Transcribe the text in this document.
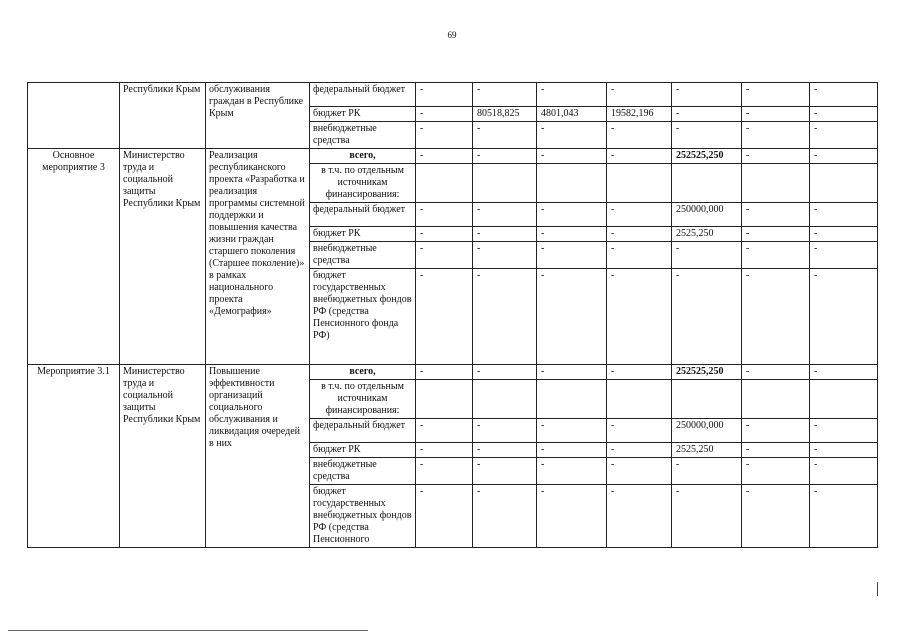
69
	Республики Крым	обслуживания граждан в Республике Крым	федеральный бюджет	-	-	-	-	-	-	-
			бюджет РК	-	80518,825	4801,043	19582,196	-	-	-
			внебюджетные средства	-	-	-	-	-	-	-
Основное мероприятие 3	Министерство труда и социальной защиты Республики Крым	Реализация республиканского проекта «Разработка и реализация программы системной поддержки и повышения качества жизни граждан старшего поколения (Старшее поколение)» в рамках национального проекта «Демография»	всего,	-	-	-	-	252525,250	-	-
			в т.ч. по отдельным источникам финансирования:							
			федеральный бюджет	-	-	-	-	250000,000	-	-
			бюджет РК	-	-	-	-	2525,250	-	-
			внебюджетные средства	-	-	-	-	-	-	-
			бюджет государственных внебюджетных фондов РФ (средства Пенсионного фонда РФ)	-	-	-	-	-	-	-
Мероприятие 3.1	Министерство труда и социальной защиты Республики Крым	Повышение эффективности организаций социального обслуживания и ликвидация очередей в них	всего,	-	-	-	-	252525,250	-	-
			в т.ч. по отдельным источникам финансирования:							
			федеральный бюджет	-	-	-	-	250000,000	-	-
			бюджет РК	-	-	-	-	2525,250	-	-
			внебюджетные средства	-	-	-	-	-	-	-
			бюджет государственных внебюджетных фондов РФ (средства Пенсионного	-	-	-	-	-	-	-
